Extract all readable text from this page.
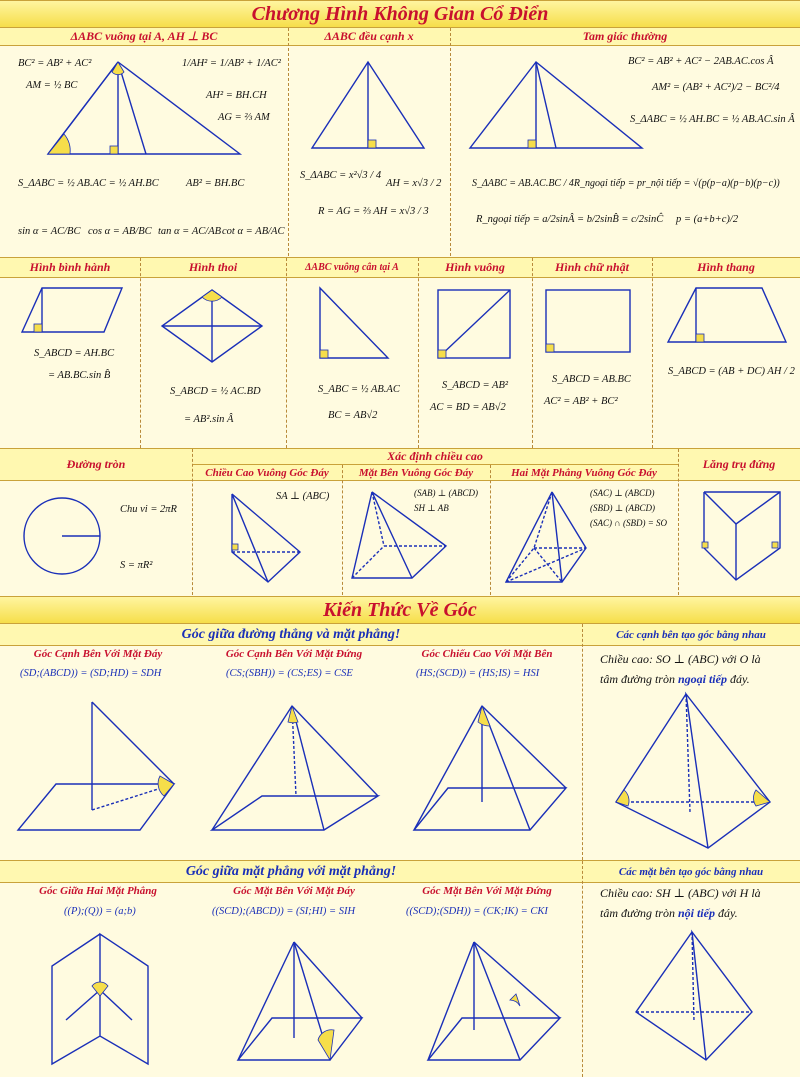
Chương Hình Không Gian Cổ Điển
ΔABC vuông tại A, AH ⊥ BC	ΔABC đều cạnh x	Tam giác thường
BC² = AB² + AC²
AM = ½ BC
1/AH² = 1/AB² + 1/AC²
AH² = BH.CH
AG = ⅔ AM
S_ΔABC = ½ AB.AC = ½ AH.BC	AB² = BH.BC
sin α = AC/BC cos α = AB/BC tan α = AC/AB cot α = AB/AC
S_ΔABC = x²√3 / 4
AH = x√3 / 2
R = AG = ⅔ AH = x√3 / 3
BC² = AB² + AC² − 2AB.AC.cos Â
AM² = (AB² + AC²)/2 − BC²/4
S_ΔABC = ½ AH.BC = ½ AB.AC.sin Â
S_ΔABC = AB.AC.BC / 4R_ngoại tiếp = pr_nội tiếp = √(p(p−a)(p−b)(p−c))
R_ngoại tiếp = a/2sinÂ = b/2sinB̂ = c/2sinĈ p = (a+b+c)/2
Hình bình hành	Hình thoi	ΔABC vuông cân tại A	Hình vuông	Hình chữ nhật	Hình thang
S_ABCD = AH.BC
= AB.BC.sin B̂
S_ABCD = ½ AC.BD
= AB².sin Â
S_ABC = ½ AB.AC
BC = AB√2
S_ABCD = AB²
AC = BD = AB√2
S_ABCD = AB.BC
AC² = AB² + BC²
S_ABCD = (AB + DC) AH / 2
Đường tròn
Xác định chiều cao
Chiều Cao Vuông Góc Đáy	Mặt Bên Vuông Góc Đáy	Hai Mặt Phẳng Vuông Góc Đáy
Lăng trụ đứng
Chu vi = 2πR
S = πR²
SA ⊥ (ABC)	(SAB) ⊥ (ABCD)
SH ⊥ AB
(SAC) ⊥ (ABCD)
(SBD) ⊥ (ABCD)
(SAC) ∩ (SBD) = SO
Kiến Thức Về Góc
Góc giữa đường thẳng và mặt phẳng!	Các cạnh bên tạo góc bằng nhau
Góc Cạnh Bên Với Mặt Đáy	Góc Cạnh Bên Với Mặt Đứng	Góc Chiếu Cao Với Mặt Bên
(SD;(ABCD)) = (SD;HD) = SDH	(CS;(SBH)) = (CS;ES) = CSE	(HS;(SCD)) = (HS;IS) = HSI
Chiều cao: SO ⊥ (ABC) với O là
tâm đường tròn ngoại tiếp đáy.
Góc giữa mặt phẳng với mặt phẳng!	Các mặt bên tạo góc bằng nhau
Góc Giữa Hai Mặt Phẳng	Góc Mặt Bên Với Mặt Đáy	Góc Mặt Bên Với Mặt Đứng
((P);(Q)) = (a;b)	((SCD);(ABCD)) = (SI;HI) = SIH	((SCD);(SDH)) = (CK;IK) = CKI
Chiều cao: SH ⊥ (ABC) với H là
tâm đường tròn nội tiếp đáy.
